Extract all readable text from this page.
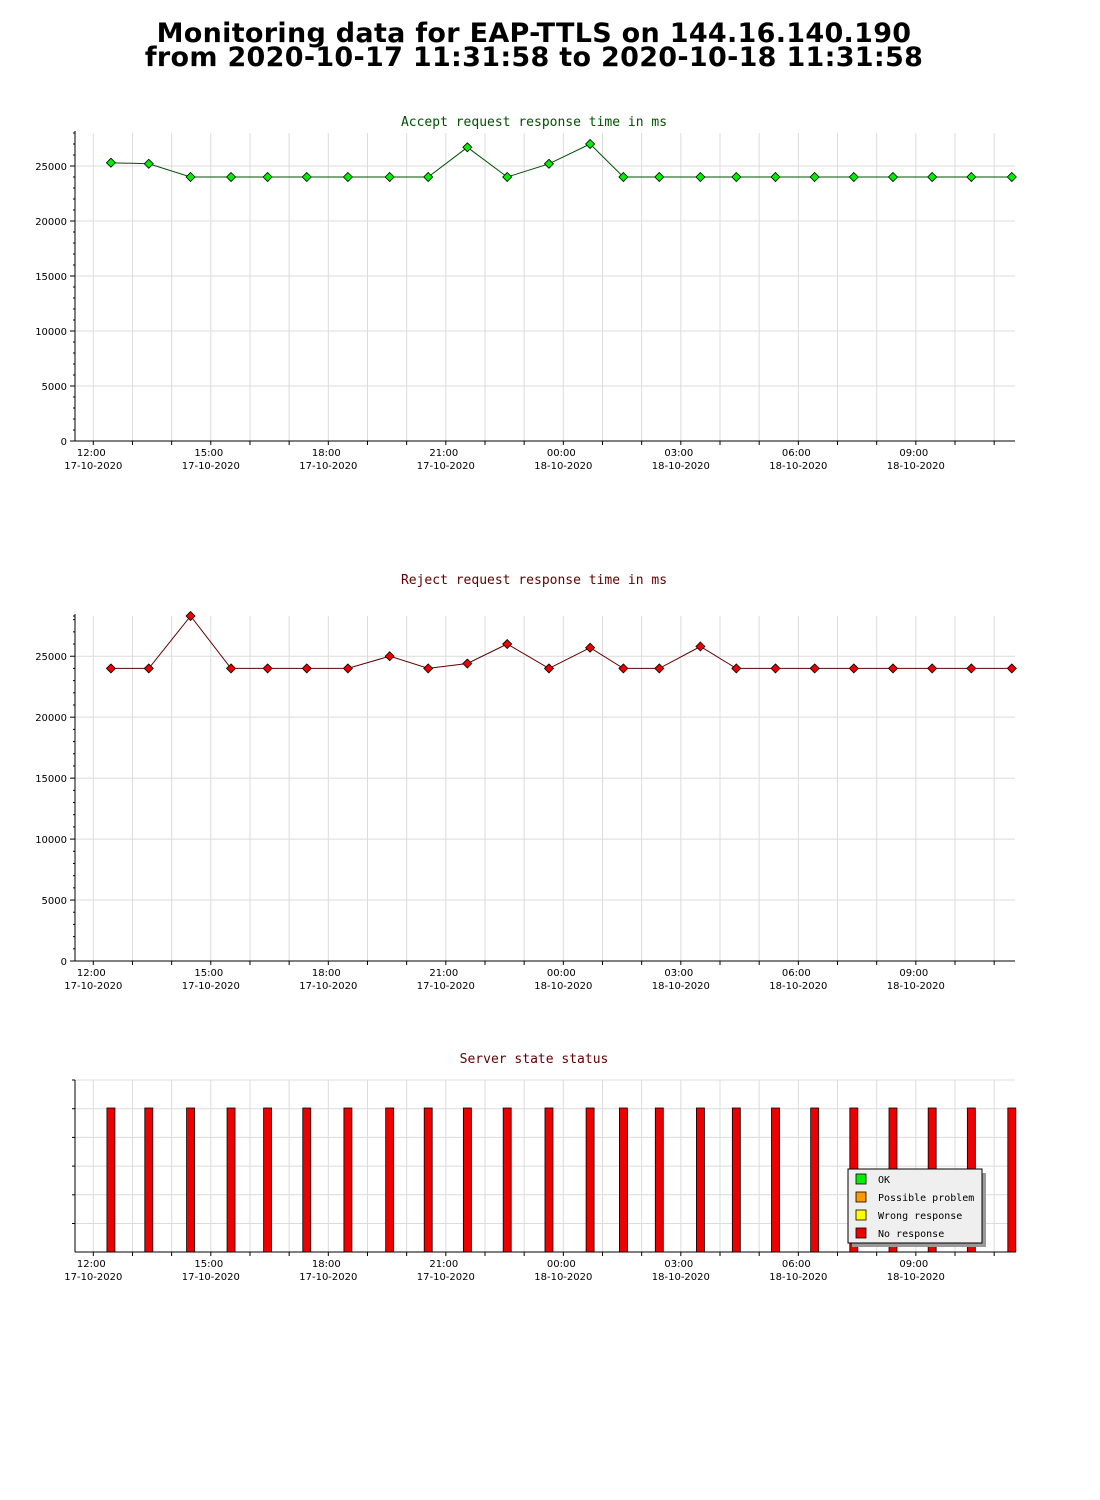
Monitoring data for EAP-TTLS on 144.16.140.190
from 2020-10-17 11:31:58 to 2020-10-18 11:31:58
Accept request response time in ms
0
5000
10000
15000
20000
25000
12:00
17-10-2020
15:00
17-10-2020
18:00
17-10-2020
21:00
17-10-2020
00:00
18-10-2020
03:00
18-10-2020
06:00
18-10-2020
09:00
18-10-2020
Reject request response time in ms
0
5000
10000
15000
20000
25000
12:00
17-10-2020
15:00
17-10-2020
18:00
17-10-2020
21:00
17-10-2020
00:00
18-10-2020
03:00
18-10-2020
06:00
18-10-2020
09:00
18-10-2020
Server state status
12:00
17-10-2020
15:00
17-10-2020
18:00
17-10-2020
21:00
17-10-2020
00:00
18-10-2020
03:00
18-10-2020
06:00
18-10-2020
09:00
18-10-2020
OK
Possible problem
Wrong response
No response
